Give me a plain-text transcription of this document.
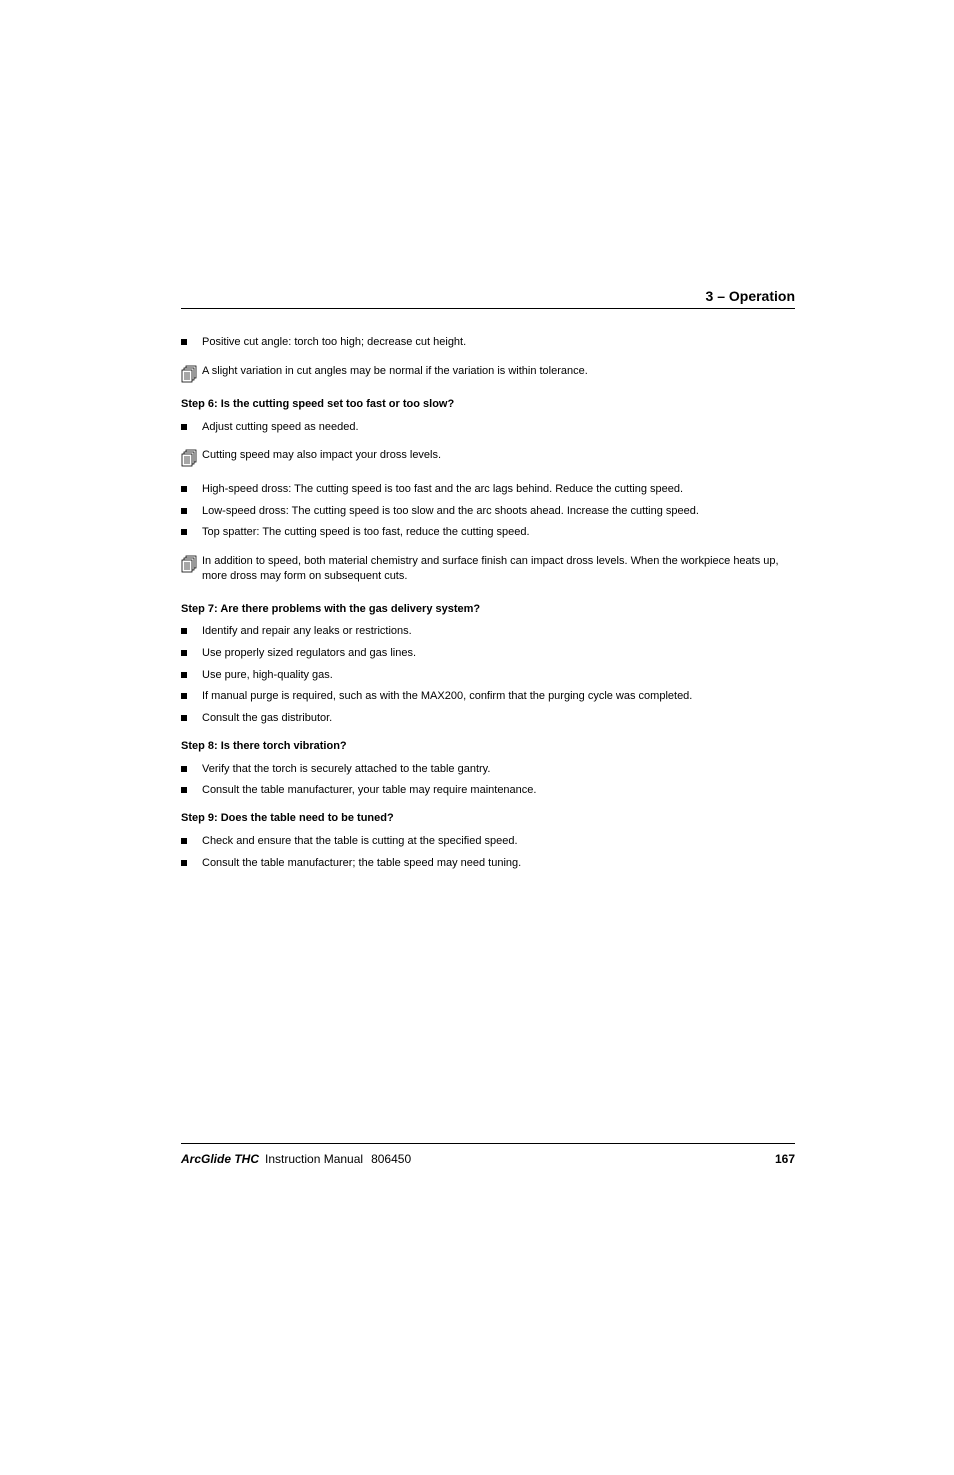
3 – Operation
Positive cut angle: torch too high; decrease cut height.
A slight variation in cut angles may be normal if the variation is within tolerance.
Step 6: Is the cutting speed set too fast or too slow?
Adjust cutting speed as needed.
Cutting speed may also impact your dross levels.
High-speed dross: The cutting speed is too fast and the arc lags behind. Reduce the cutting speed.
Low-speed dross: The cutting speed is too slow and the arc shoots ahead. Increase the cutting speed.
Top spatter: The cutting speed is too fast, reduce the cutting speed.
In addition to speed, both material chemistry and surface finish can impact dross levels. When the workpiece heats up, more dross may form on subsequent cuts.
Step 7: Are there problems with the gas delivery system?
Identify and repair any leaks or restrictions.
Use properly sized regulators and gas lines.
Use pure, high-quality gas.
If manual purge is required, such as with the MAX200, confirm that the purging cycle was completed.
Consult the gas distributor.
Step 8: Is there torch vibration?
Verify that the torch is securely attached to the table gantry.
Consult the table manufacturer, your table may require maintenance.
Step 9: Does the table need to be tuned?
Check and ensure that the table is cutting at the specified speed.
Consult the table manufacturer; the table speed may need tuning.
ArcGlide THC Instruction Manual 806450	167
